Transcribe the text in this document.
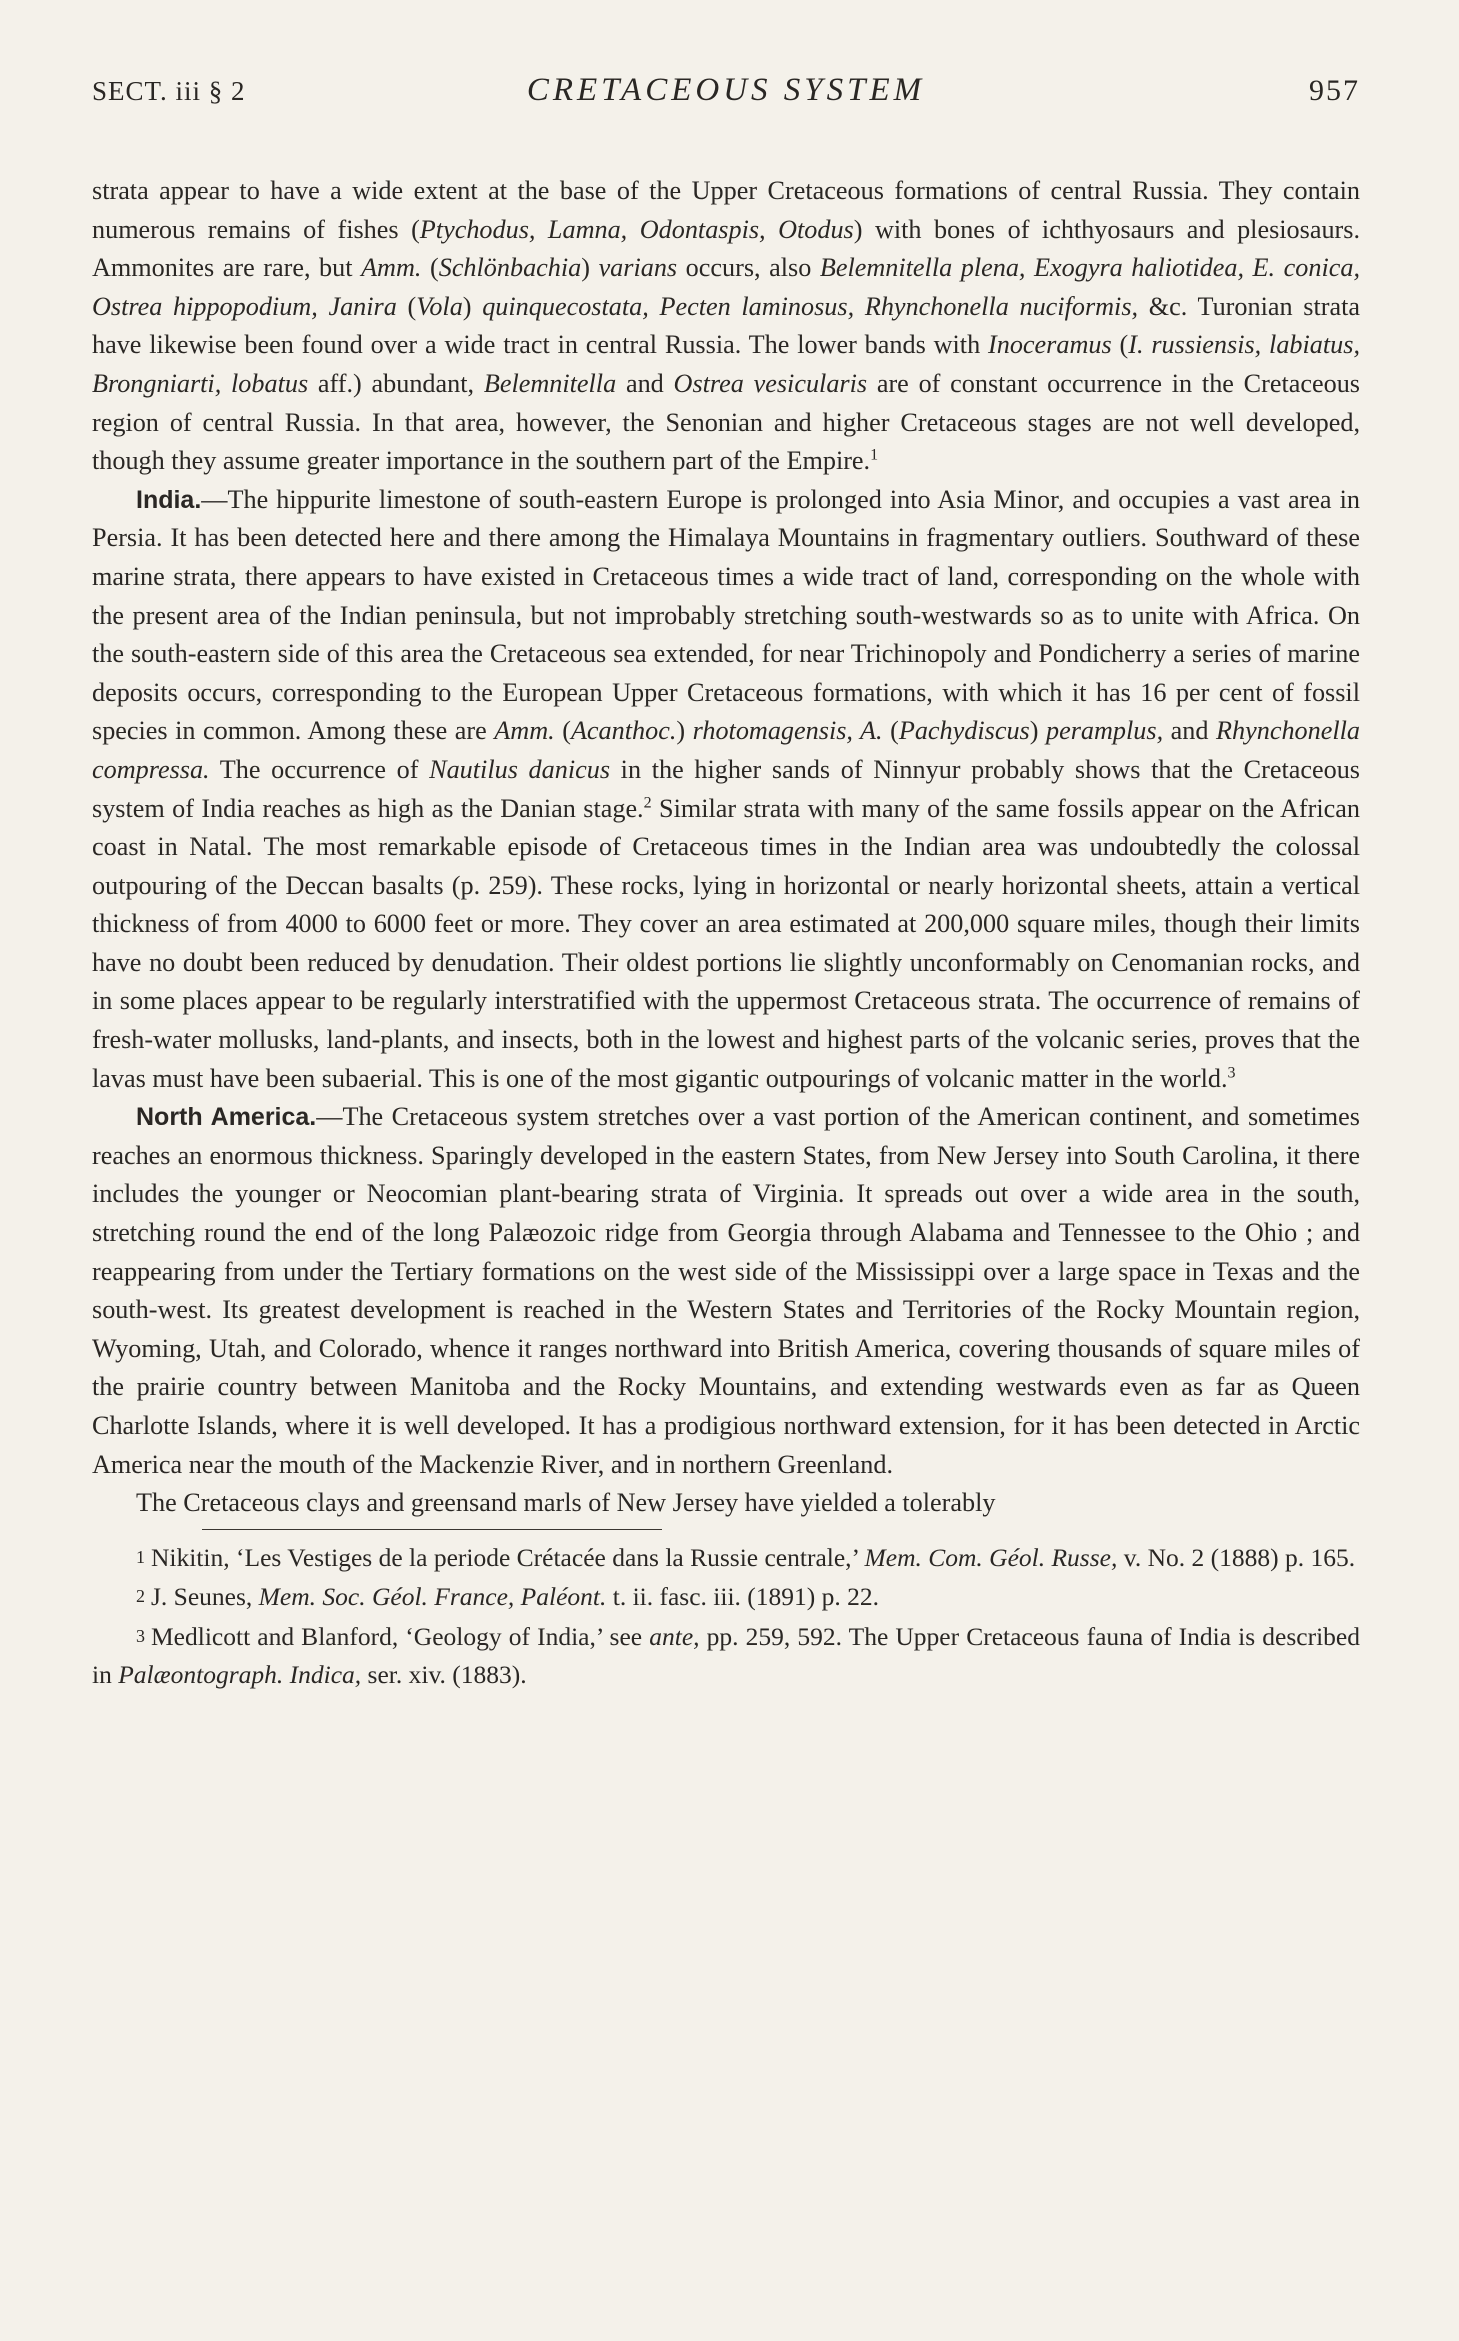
SECT. iii § 2	CRETACEOUS SYSTEM	957

strata appear to have a wide extent at the base of the Upper Cretaceous formations of central Russia. They contain numerous remains of fishes (Ptychodus, Lamna, Odontaspis, Otodus) with bones of ichthyosaurs and plesiosaurs. Ammonites are rare, but Amm. (Schlönbachia) varians occurs, also Belemnitella plena, Exogyra haliotidea, E. conica, Ostrea hippopodium, Janira (Vola) quinquecostata, Pecten laminosus, Rhynchonella nuciformis, &c. Turonian strata have likewise been found over a wide tract in central Russia. The lower bands with Inoceramus (I. russiensis, labiatus, Brongniarti, lobatus aff.) abundant, Belemnitella and Ostrea vesicularis are of constant occurrence in the Cretaceous region of central Russia. In that area, however, the Senonian and higher Cretaceous stages are not well developed, though they assume greater importance in the southern part of the Empire.$^1$

India.—The hippurite limestone of south-eastern Europe is prolonged into Asia Minor, and occupies a vast area in Persia. It has been detected here and there among the Himalaya Mountains in fragmentary outliers. Southward of these marine strata, there appears to have existed in Cretaceous times a wide tract of land, corresponding on the whole with the present area of the Indian peninsula, but not improbably stretching south-westwards so as to unite with Africa. On the south-eastern side of this area the Cretaceous sea extended, for near Trichinopoly and Pondicherry a series of marine deposits occurs, corresponding to the European Upper Cretaceous formations, with which it has 16 per cent of fossil species in common. Among these are Amm. (Acanthoc.) rhotomagensis, A. (Pachydiscus) peramplus, and Rhynchonella compressa. The occurrence of Nautilus danicus in the higher sands of Ninnyur probably shows that the Cretaceous system of India reaches as high as the Danian stage.$^2$ Similar strata with many of the same fossils appear on the African coast in Natal. The most remarkable episode of Cretaceous times in the Indian area was undoubtedly the colossal outpouring of the Deccan basalts (p. 259). These rocks, lying in horizontal or nearly horizontal sheets, attain a vertical thickness of from 4000 to 6000 feet or more. They cover an area estimated at 200,000 square miles, though their limits have no doubt been reduced by denudation. Their oldest portions lie slightly unconformably on Cenomanian rocks, and in some places appear to be regularly interstratified with the uppermost Cretaceous strata. The occurrence of remains of fresh-water mollusks, land-plants, and insects, both in the lowest and highest parts of the volcanic series, proves that the lavas must have been subaerial. This is one of the most gigantic outpourings of volcanic matter in the world.$^3$

North America.—The Cretaceous system stretches over a vast portion of the American continent, and sometimes reaches an enormous thickness. Sparingly developed in the eastern States, from New Jersey into South Carolina, it there includes the younger or Neocomian plant-bearing strata of Virginia. It spreads out over a wide area in the south, stretching round the end of the long Palæozoic ridge from Georgia through Alabama and Tennessee to the Ohio ; and reappearing from under the Tertiary formations on the west side of the Mississippi over a large space in Texas and the south-west. Its greatest development is reached in the Western States and Territories of the Rocky Mountain region, Wyoming, Utah, and Colorado, whence it ranges northward into British America, covering thousands of square miles of the prairie country between Manitoba and the Rocky Mountains, and extending westwards even as far as Queen Charlotte Islands, where it is well developed. It has a prodigious northward extension, for it has been detected in Arctic America near the mouth of the Mackenzie River, and in northern Greenland.

The Cretaceous clays and greensand marls of New Jersey have yielded a tolerably

1 Nikitin, ‘Les Vestiges de la periode Crétacée dans la Russie centrale,’ Mem. Com. Géol. Russe, v. No. 2 (1888) p. 165.

2 J. Seunes, Mem. Soc. Géol. France, Paléont. t. ii. fasc. iii. (1891) p. 22.

3 Medlicott and Blanford, ‘Geology of India,’ see ante, pp. 259, 592. The Upper Cretaceous fauna of India is described in Palæontograph. Indica, ser. xiv. (1883).
